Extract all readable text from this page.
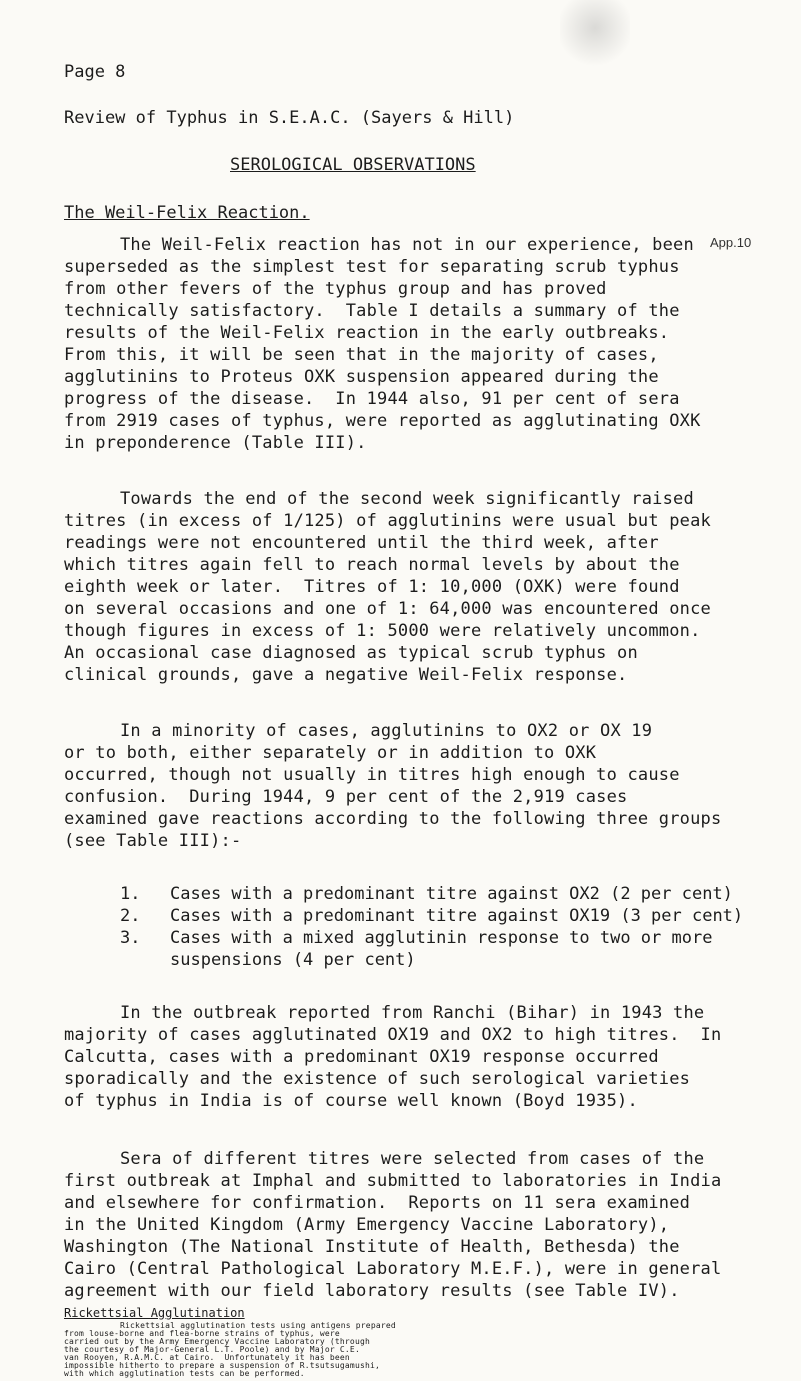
Page 8
Review of Typhus in S.E.A.C. (Sayers & Hill)
SEROLOGICAL OBSERVATIONS
The Weil-Felix Reaction.
App.10
The Weil-Felix reaction has not in our experience, been
superseded as the simplest test for separating scrub typhus
from other fevers of the typhus group and has proved
technically satisfactory.  Table I details a summary of the
results of the Weil-Felix reaction in the early outbreaks.
From this, it will be seen that in the majority of cases,
agglutinins to Proteus OXK suspension appeared during the
progress of the disease.  In 1944 also, 91 per cent of sera
from 2919 cases of typhus, were reported as agglutinating OXK
in preponderence (Table III).
Towards the end of the second week significantly raised
titres (in excess of 1/125) of agglutinins were usual but peak
readings were not encountered until the third week, after
which titres again fell to reach normal levels by about the
eighth week or later.  Titres of 1: 10,000 (OXK) were found
on several occasions and one of 1: 64,000 was encountered once
though figures in excess of 1: 5000 were relatively uncommon.
An occasional case diagnosed as typical scrub typhus on
clinical grounds, gave a negative Weil-Felix response.
In a minority of cases, agglutinins to OX2 or OX 19
or to both, either separately or in addition to OXK
occurred, though not usually in titres high enough to cause
confusion.  During 1944, 9 per cent of the 2,919 cases
examined gave reactions according to the following three groups
(see Table III):-
1. Cases with a predominant titre against OX2 (2 per cent)
2. Cases with a predominant titre against OX19 (3 per cent)
3. Cases with a mixed agglutinin response to two or more
suspensions (4 per cent)
In the outbreak reported from Ranchi (Bihar) in 1943 the
majority of cases agglutinated OX19 and OX2 to high titres.  In
Calcutta, cases with a predominant OX19 response occurred
sporadically and the existence of such serological varieties
of typhus in India is of course well known (Boyd 1935).
Sera of different titres were selected from cases of the
first outbreak at Imphal and submitted to laboratories in India
and elsewhere for confirmation.  Reports on 11 sera examined
in the United Kingdom (Army Emergency Vaccine Laboratory),
Washington (The National Institute of Health, Bethesda) the
Cairo (Central Pathological Laboratory M.E.F.), were in general
agreement with our field laboratory results (see Table IV).
Rickettsial Agglutination
Rickettsial agglutination tests using antigens prepared
from louse-borne and flea-borne strains of typhus, were
carried out by the Army Emergency Vaccine Laboratory (through
the courtesy of Major-General L.T. Poole) and by Major C.E.
van Rooyen, R.A.M.C. at Cairo.  Unfortunately it has been
impossible hitherto to prepare a suspension of R.tsutsugamushi,
with which agglutination tests can be performed.
